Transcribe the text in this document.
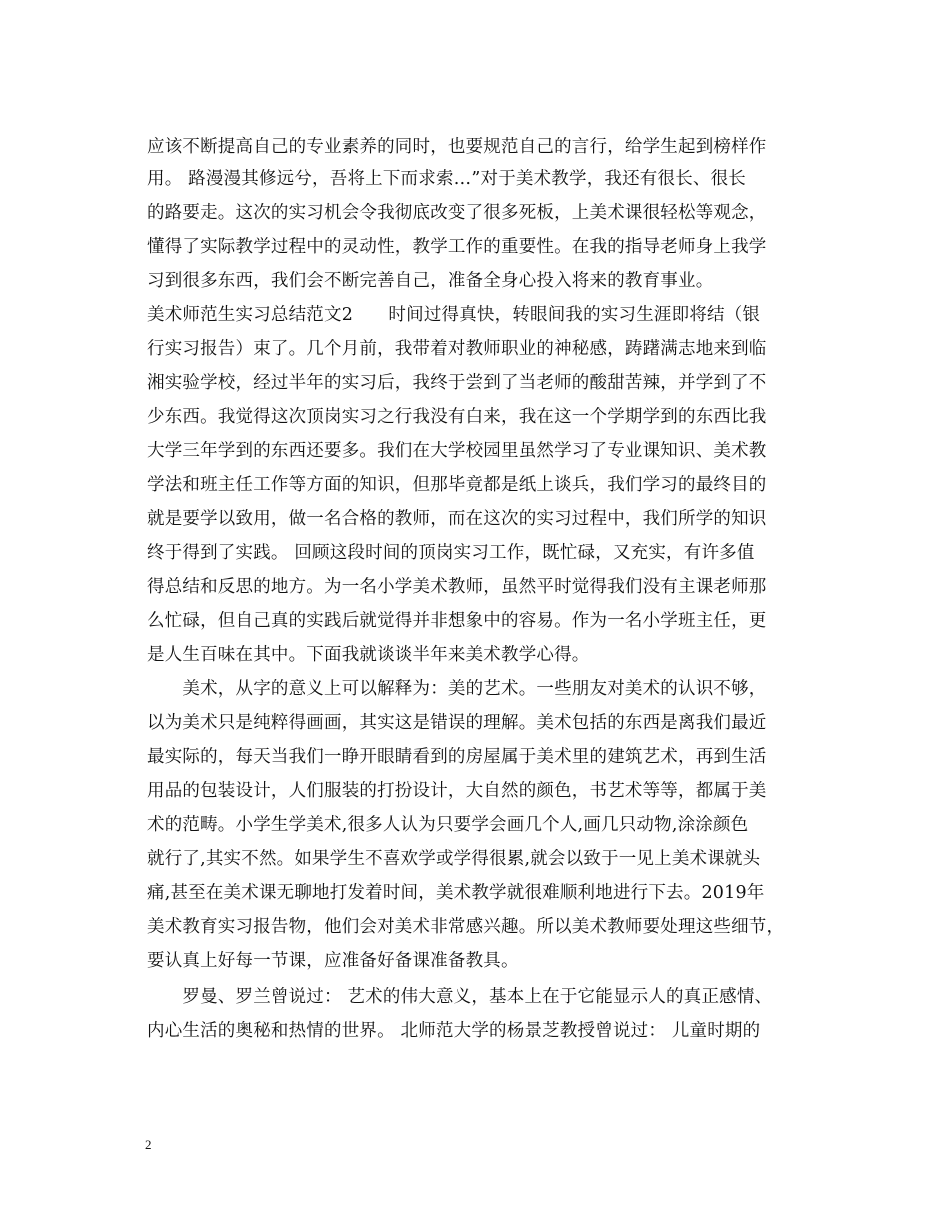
应该不断提高自己的专业素养的同时，也要规范自己的言行，给学生起到榜样作
用。 路漫漫其修远兮，吾将上下而求索…”对于美术教学，我还有很长、很长
的路要走。这次的实习机会令我彻底改变了很多死板，上美术课很轻松等观念，
懂得了实际教学过程中的灵动性，教学工作的重要性。在我的指导老师身上我学
习到很多东西，我们会不断完善自己，准备全身心投入将来的教育事业。
美术师范生实习总结范文2　　时间过得真快，转眼间我的实习生涯即将结（银
行实习报告）束了。几个月前，我带着对教师职业的神秘感，踌躇满志地来到临
湘实验学校，经过半年的实习后，我终于尝到了当老师的酸甜苦辣，并学到了不
少东西。我觉得这次顶岗实习之行我没有白来，我在这一个学期学到的东西比我
大学三年学到的东西还要多。我们在大学校园里虽然学习了专业课知识、美术教
学法和班主任工作等方面的知识，但那毕竟都是纸上谈兵，我们学习的最终目的
就是要学以致用，做一名合格的教师，而在这次的实习过程中，我们所学的知识
终于得到了实践。 回顾这段时间的顶岗实习工作，既忙碌，又充实，有许多值
得总结和反思的地方。为一名小学美术教师，虽然平时觉得我们没有主课老师那
么忙碌，但自己真的实践后就觉得并非想象中的容易。作为一名小学班主任，更
是人生百味在其中。下面我就谈谈半年来美术教学心得。
　　美术，从字的意义上可以解释为：美的艺术。一些朋友对美术的认识不够，
以为美术只是纯粹得画画，其实这是错误的理解。美术包括的东西是离我们最近
最实际的，每天当我们一睁开眼睛看到的房屋属于美术里的建筑艺术，再到生活
用品的包装设计，人们服装的打扮设计，大自然的颜色，书艺术等等，都属于美
术的范畴。小学生学美术,很多人认为只要学会画几个人,画几只动物,涂涂颜色
就行了,其实不然。如果学生不喜欢学或学得很累,就会以致于一见上美术课就头
痛,甚至在美术课无聊地打发着时间，美术教学就很难顺利地进行下去。2019年
美术教育实习报告物，他们会对美术非常感兴趣。所以美术教师要处理这些细节，
要认真上好每一节课，应准备好备课准备教具。
　　罗曼、罗兰曾说过： 艺术的伟大意义，基本上在于它能显示人的真正感情、
内心生活的奥秘和热情的世界。 北师范大学的杨景芝教授曾说过： 儿童时期的
2
